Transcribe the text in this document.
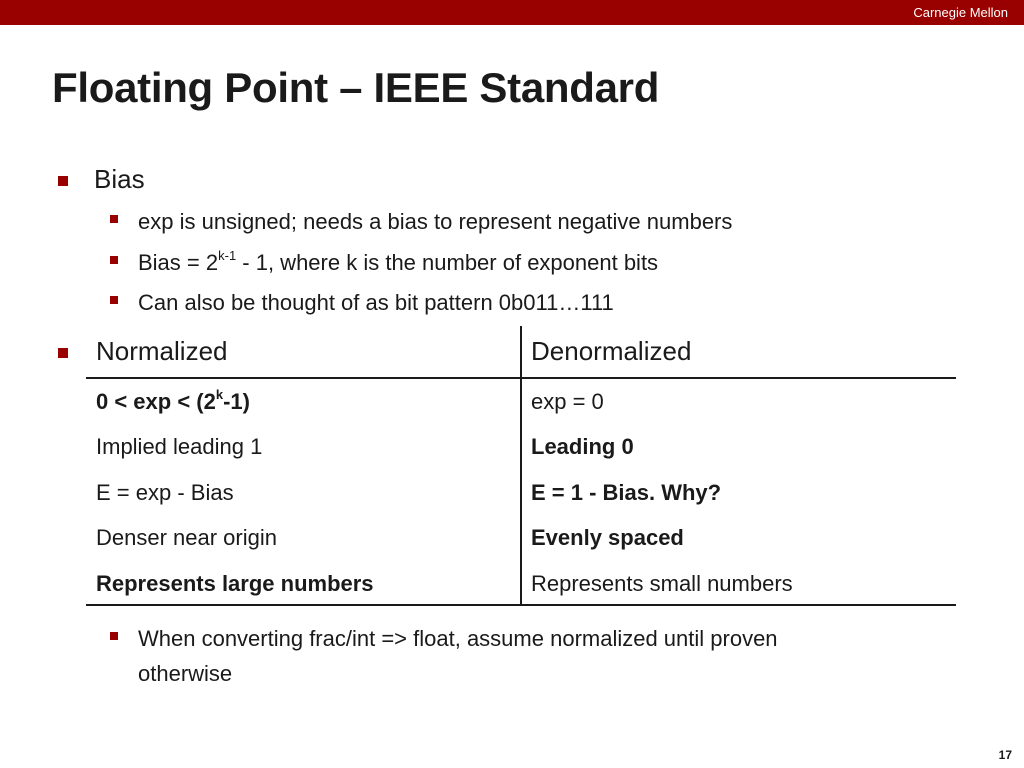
Carnegie Mellon
Floating Point – IEEE Standard
Bias
exp is unsigned; needs a bias to represent negative numbers
Bias = $2^{k-1} - 1$, where k is the number of exponent bits
Can also be thought of as bit pattern 0b011…111
Normalized	Denormalized
$0 < \exp < (2^k-1)$	exp = 0
Implied leading 1	Leading 0
E = exp - Bias	E = 1 - Bias. Why?
Denser near origin	Evenly spaced
Represents large numbers	Represents small numbers
When converting frac/int => float, assume normalized until proven
otherwise
17
